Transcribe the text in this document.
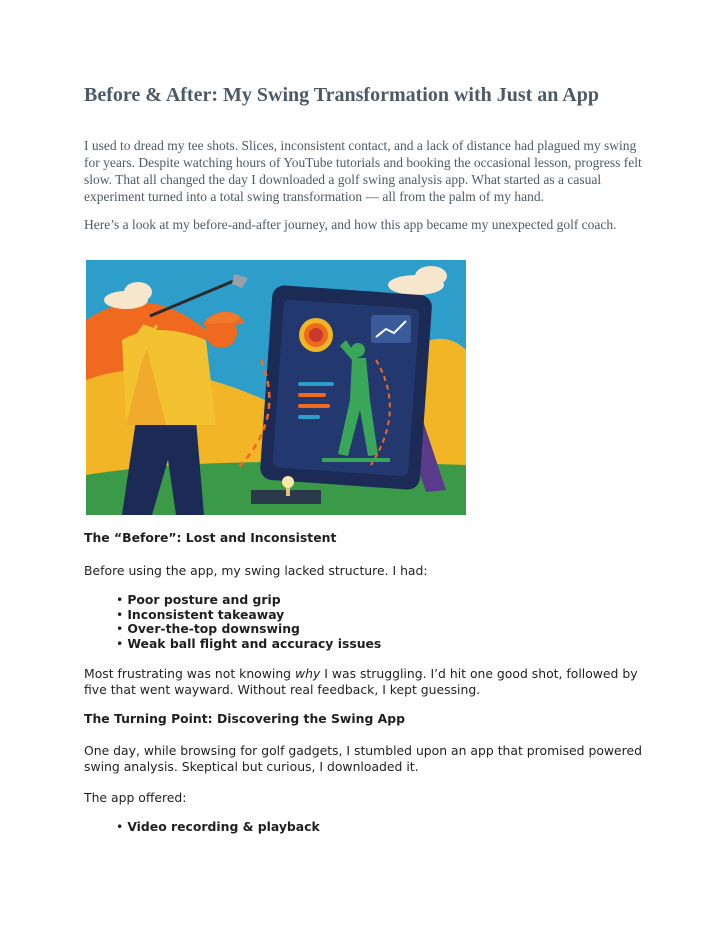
Before & After: My Swing Transformation with Just an App

I used to dread my tee shots. Slices, inconsistent contact, and a lack of distance had plagued my swing for years. Despite watching hours of YouTube tutorials and booking the occasional lesson, progress felt slow. That all changed the day I downloaded a golf swing analysis app. What started as a casual experiment turned into a total swing transformation — all from the palm of my hand.

Here’s a look at my before-and-after journey, and how this app became my unexpected golf coach.

The “Before”: Lost and Inconsistent

Before using the app, my swing lacked structure. I had:

• Poor posture and grip
• Inconsistent takeaway
• Over-the-top downswing
• Weak ball flight and accuracy issues

Most frustrating was not knowing why I was struggling. I’d hit one good shot, followed by five that went wayward. Without real feedback, I kept guessing.

The Turning Point: Discovering the Swing App

One day, while browsing for golf gadgets, I stumbled upon an app that promised powered swing analysis. Skeptical but curious, I downloaded it.

The app offered:

• Video recording & playback
